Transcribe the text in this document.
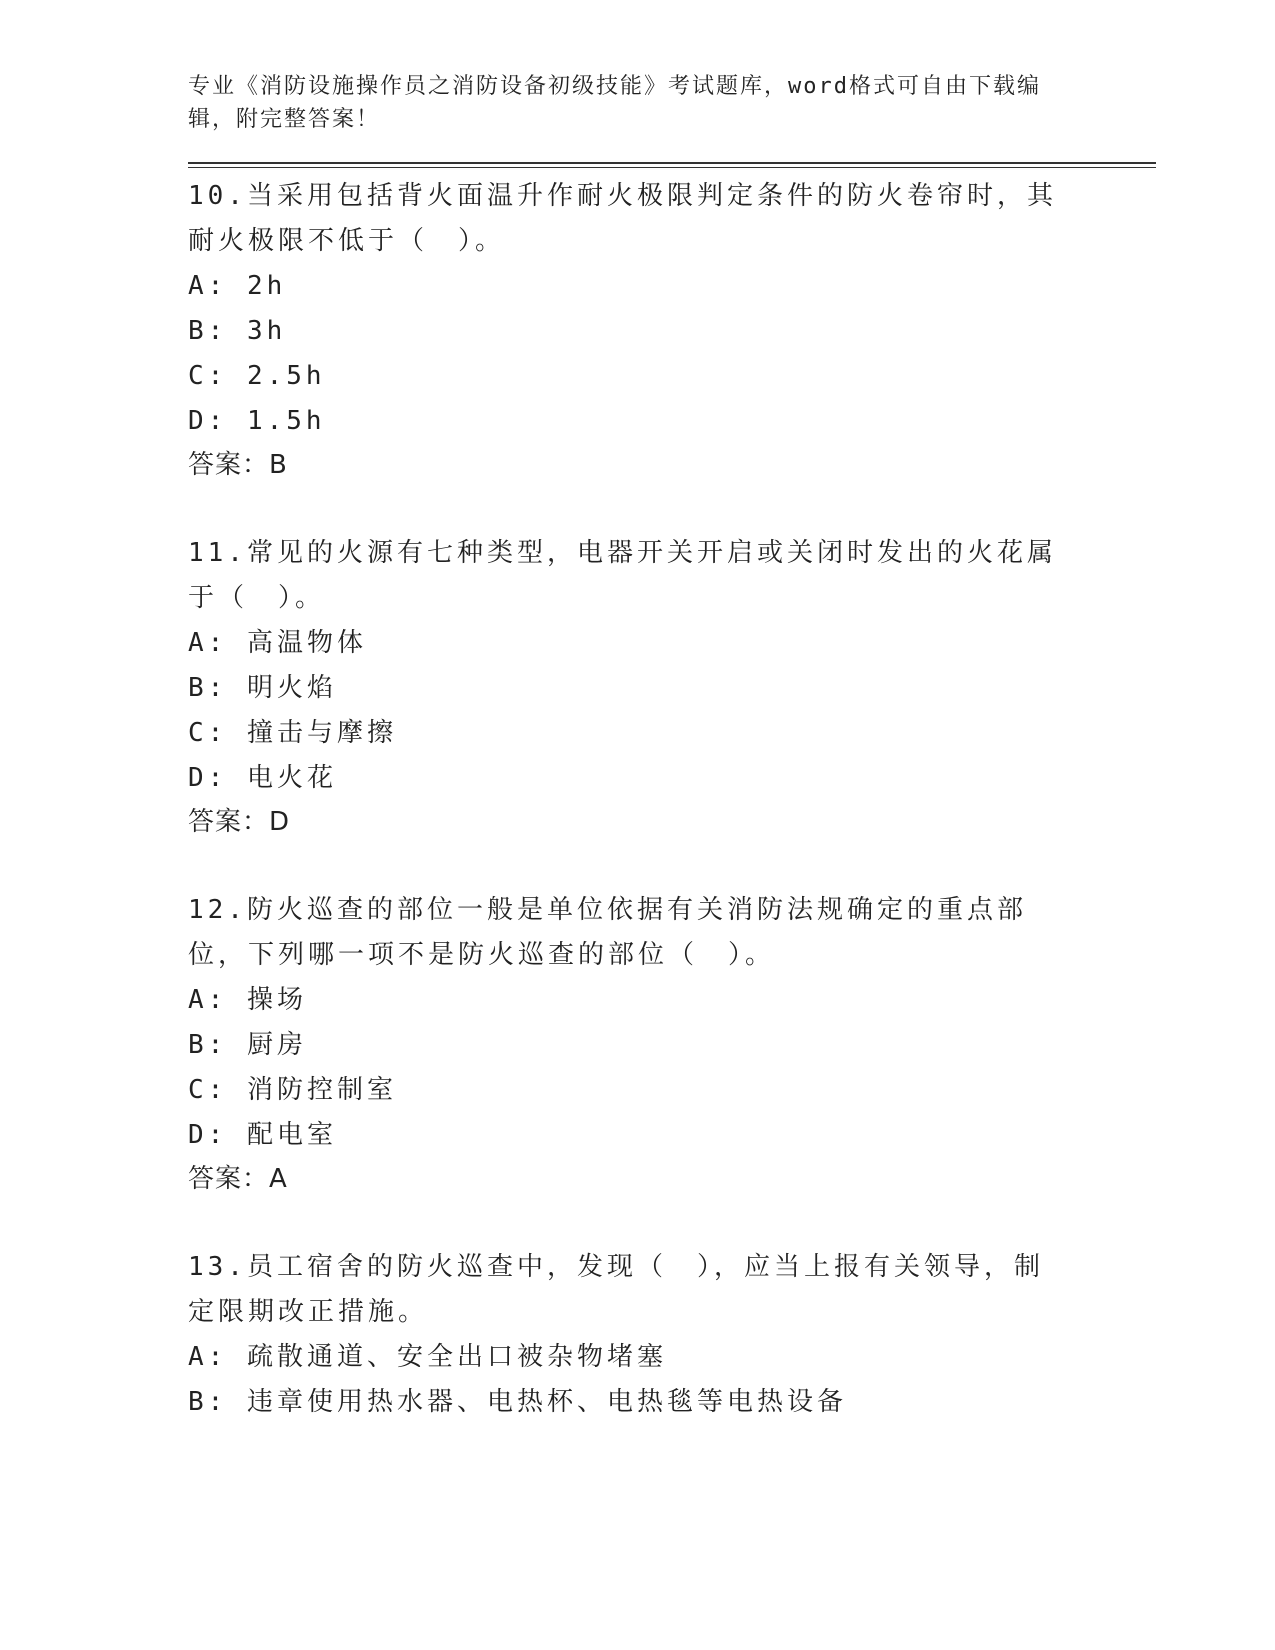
专业《消防设施操作员之消防设备初级技能》考试题库，word格式可自由下载编辑，附完整答案！
10.当采用包括背火面温升作耐火极限判定条件的防火卷帘时，其耐火极限不低于（　）。
A:
2h
B:
3h
C:
2.5h
D:
1.5h
答案：B
11.常见的火源有七种类型，电器开关开启或关闭时发出的火花属于（　）。
A:
高温物体
B:
明火焰
C:
撞击与摩擦
D:
电火花
答案：D
12.防火巡查的部位一般是单位依据有关消防法规确定的重点部位，下列哪一项不是防火巡查的部位（　）。
A:
操场
B:
厨房
C:
消防控制室
D:
配电室
答案：A
13.员工宿舍的防火巡查中，发现（　），应当上报有关领导，制定限期改正措施。
A:
疏散通道、安全出口被杂物堵塞
B:
违章使用热水器、电热杯、电热毯等电热设备
